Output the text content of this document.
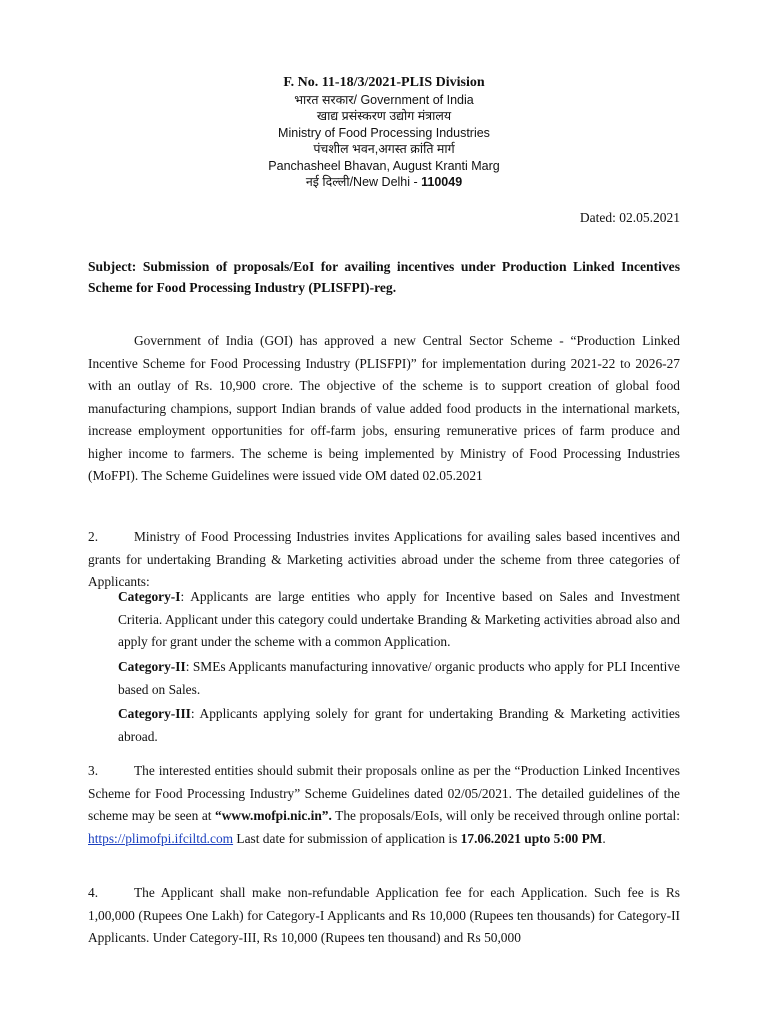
F. No. 11-18/3/2021-PLIS Division
भारत सरकार/ Government of India
खाद्य प्रसंस्करण उद्योग मंत्रालय
Ministry of Food Processing Industries
पंचशील भवन,अगस्त क्रांति मार्ग
Panchasheel Bhavan, August Kranti Marg
नई दिल्ली/New Delhi - 110049
Dated: 02.05.2021
Subject: Submission of proposals/EoI for availing incentives under Production Linked Incentives Scheme for Food Processing Industry (PLISFPI)-reg.
Government of India (GOI) has approved a new Central Sector Scheme - “Production Linked Incentive Scheme for Food Processing Industry (PLISFPI)” for implementation during 2021-22 to 2026-27 with an outlay of Rs. 10,900 crore. The objective of the scheme is to support creation of global food manufacturing champions, support Indian brands of value added food products in the international markets, increase employment opportunities for off-farm jobs, ensuring remunerative prices of farm produce and higher income to farmers. The scheme is being implemented by Ministry of Food Processing Industries (MoFPI). The Scheme Guidelines were issued vide OM dated 02.05.2021
2.	Ministry of Food Processing Industries invites Applications for availing sales based incentives and grants for undertaking Branding & Marketing activities abroad under the scheme from three categories of Applicants:
Category-I: Applicants are large entities who apply for Incentive based on Sales and Investment Criteria. Applicant under this category could undertake Branding & Marketing activities abroad also and apply for grant under the scheme with a common Application.
Category-II: SMEs Applicants manufacturing innovative/ organic products who apply for PLI Incentive based on Sales.
Category-III: Applicants applying solely for grant for undertaking Branding & Marketing activities abroad.
3.	The interested entities should submit their proposals online as per the “Production Linked Incentives Scheme for Food Processing Industry” Scheme Guidelines dated 02/05/2021. The detailed guidelines of the scheme may be seen at “www.mofpi.nic.in”. The proposals/EoIs, will only be received through online portal: https://plimofpi.ifciltd.com Last date for submission of application is 17.06.2021 upto 5:00 PM.
4.	The Applicant shall make non-refundable Application fee for each Application. Such fee is Rs 1,00,000 (Rupees One Lakh) for Category-I Applicants and Rs 10,000 (Rupees ten thousands) for Category-II Applicants. Under Category-III, Rs 10,000 (Rupees ten thousand) and Rs 50,000
